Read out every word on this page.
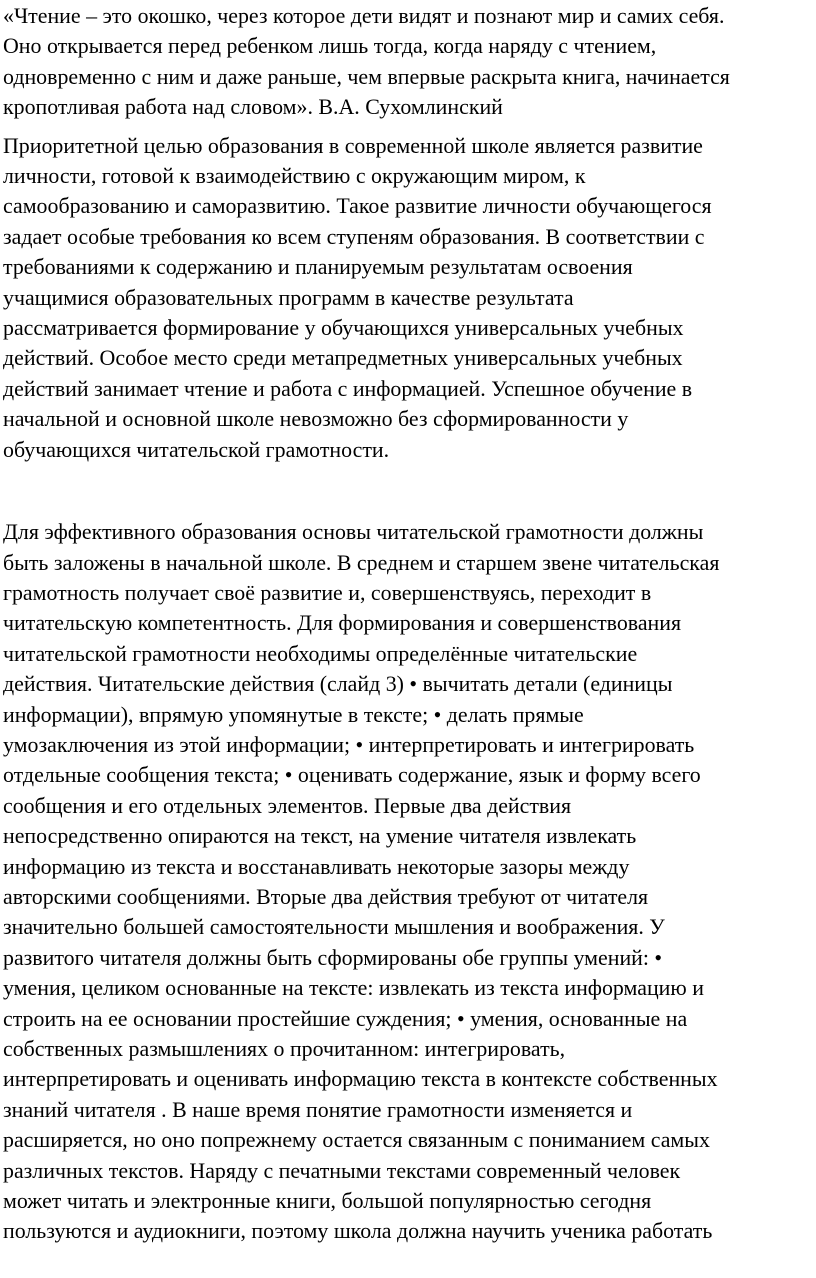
«Чтение – это окошко, через которое дети видят и познают мир и самих себя.
Оно открывается перед ребенком лишь тогда, когда наряду с чтением,
одновременно с ним и даже раньше, чем впервые раскрыта книга, начинается
кропотливая работа над словом». В.А. Сухомлинский

Приоритетной целью образования в современной школе является развитие
личности, готовой к взаимодействию с окружающим миром, к
самообразованию и саморазвитию. Такое развитие личности обучающегося
задает особые требования ко всем ступеням образования. В соответствии с
требованиями к содержанию и планируемым результатам освоения
учащимися образовательных программ в качестве результата
рассматривается формирование у обучающихся универсальных учебных
действий. Особое место среди метапредметных универсальных учебных
действий занимает чтение и работа с информацией. Успешное обучение в
начальной и основной школе невозможно без сформированности у
обучающихся читательской грамотности.

Для эффективного образования основы читательской грамотности должны
быть заложены в начальной школе. В среднем и старшем звене читательская
грамотность получает своё развитие и, совершенствуясь, переходит в
читательскую компетентность. Для формирования и совершенствования
читательской грамотности необходимы определённые читательские
действия. Читательские действия (слайд 3) • вычитать детали (единицы
информации), впрямую упомянутые в тексте; • делать прямые
умозаключения из этой информации; • интерпретировать и интегрировать
отдельные сообщения текста; • оценивать содержание, язык и форму всего
сообщения и его отдельных элементов. Первые два действия
непосредственно опираются на текст, на умение читателя извлекать
информацию из текста и восстанавливать некоторые зазоры между
авторскими сообщениями. Вторые два действия требуют от читателя
значительно большей самостоятельности мышления и воображения. У
развитого читателя должны быть сформированы обе группы умений: •
умения, целиком основанные на тексте: извлекать из текста информацию и
строить на ее основании простейшие суждения; • умения, основанные на
собственных размышлениях о прочитанном: интегрировать,
интерпретировать и оценивать информацию текста в контексте собственных
знаний читателя . В наше время понятие грамотности изменяется и
расширяется, но оно попрежнему остается связанным с пониманием самых
различных текстов. Наряду с печатными текстами современный человек
может читать и электронные книги, большой популярностью сегодня
пользуются и аудиокниги, поэтому школа должна научить ученика работать
